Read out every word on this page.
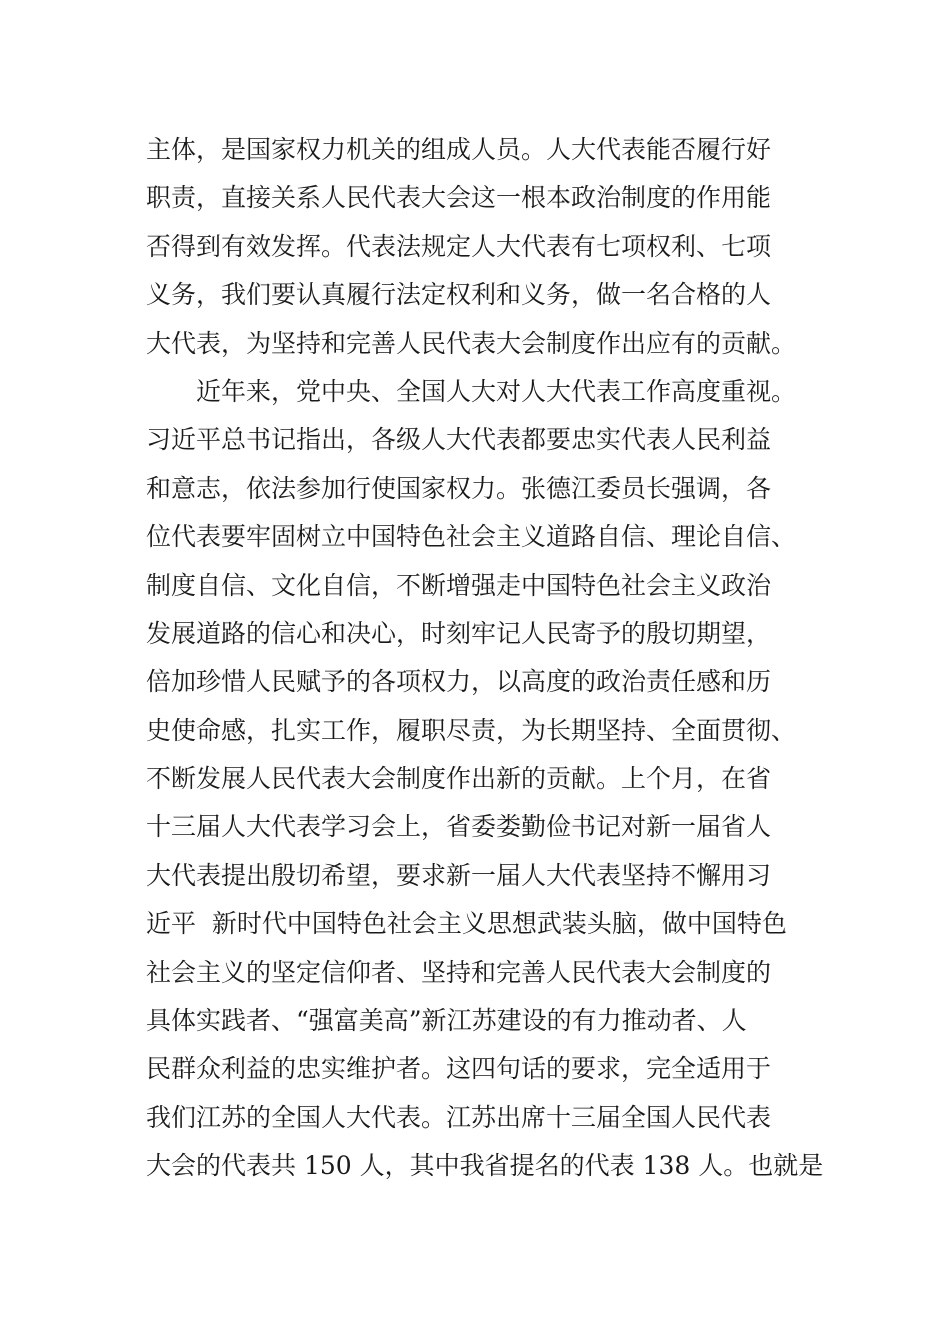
主体，是国家权力机关的组成人员。人大代表能否履行好
职责，直接关系人民代表大会这一根本政治制度的作用能
否得到有效发挥。代表法规定人大代表有七项权利、七项
义务，我们要认真履行法定权利和义务，做一名合格的人
大代表，为坚持和完善人民代表大会制度作出应有的贡献。
　　近年来，党中央、全国人大对人大代表工作高度重视。
习近平总书记指出，各级人大代表都要忠实代表人民利益
和意志，依法参加行使国家权力。张德江委员长强调，各
位代表要牢固树立中国特色社会主义道路自信、理论自信、
制度自信、文化自信，不断增强走中国特色社会主义政治
发展道路的信心和决心，时刻牢记人民寄予的殷切期望，
倍加珍惜人民赋予的各项权力，以高度的政治责任感和历
史使命感，扎实工作，履职尽责，为长期坚持、全面贯彻、
不断发展人民代表大会制度作出新的贡献。上个月，在省
十三届人大代表学习会上，省委娄勤俭书记对新一届省人
大代表提出殷切希望，要求新一届人大代表坚持不懈用习
近平  新时代中国特色社会主义思想武装头脑，做中国特色
社会主义的坚定信仰者、坚持和完善人民代表大会制度的
具体实践者、“强富美高”新江苏建设的有力推动者、人
民群众利益的忠实维护者。这四句话的要求，完全适用于
我们江苏的全国人大代表。江苏出席十三届全国人民代表
大会的代表共 150 人，其中我省提名的代表 138 人。也就是
